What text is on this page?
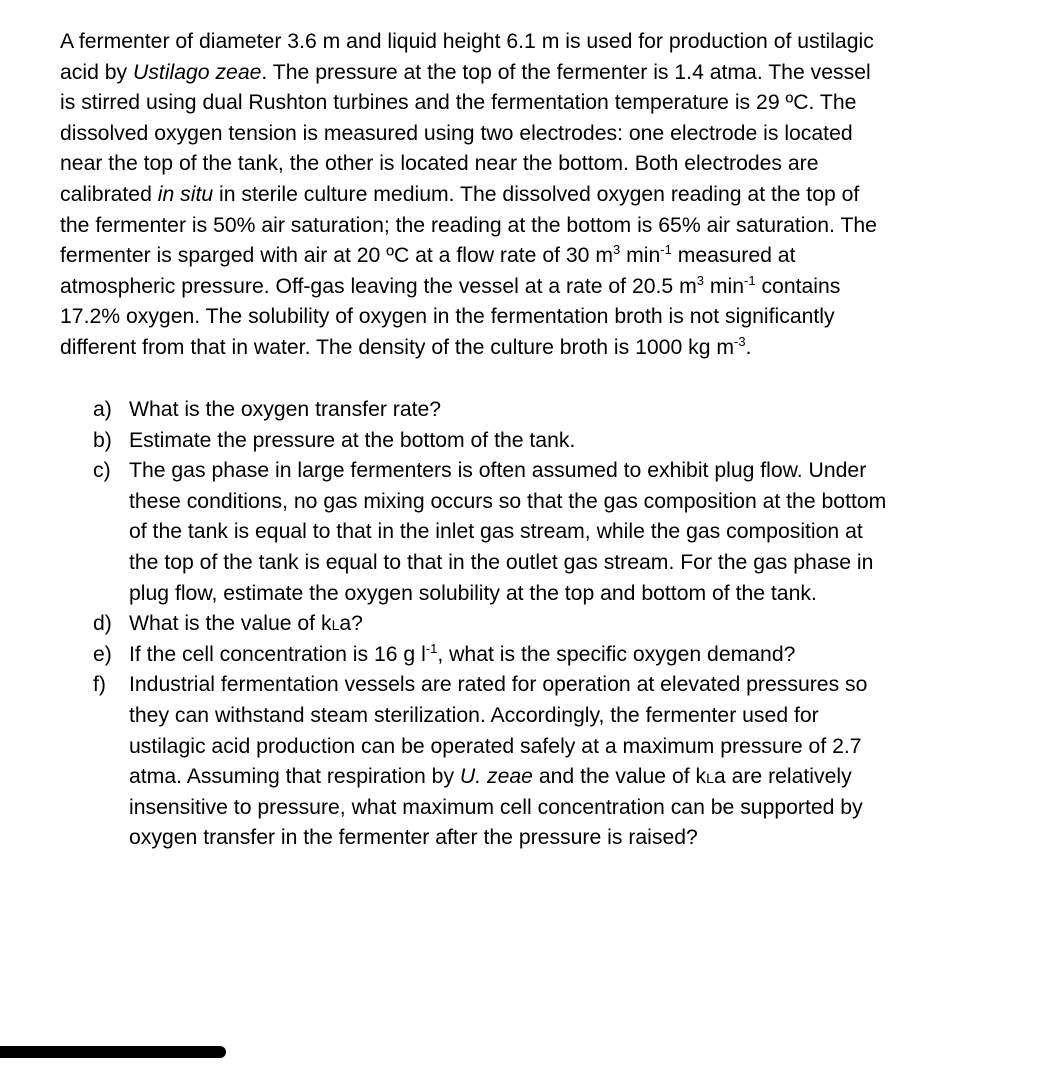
A fermenter of diameter 3.6 m and liquid height 6.1 m is used for production of ustilagic
acid by Ustilago zeae. The pressure at the top of the fermenter is 1.4 atma. The vessel
is stirred using dual Rushton turbines and the fermentation temperature is 29 ºC. The
dissolved oxygen tension is measured using two electrodes: one electrode is located
near the top of the tank, the other is located near the bottom. Both electrodes are
calibrated in situ in sterile culture medium. The dissolved oxygen reading at the top of
the fermenter is 50% air saturation; the reading at the bottom is 65% air saturation. The
fermenter is sparged with air at 20 ºC at a flow rate of 30 $m^3$ $\min^{-1}$ measured at
atmospheric pressure. Off-gas leaving the vessel at a rate of 20.5 $m^3$ $\min^{-1}$ contains
17.2% oxygen. The solubility of oxygen in the fermentation broth is not significantly
different from that in water. The density of the culture broth is 1000 kg $m^{-3}$.
a) What is the oxygen transfer rate?
b) Estimate the pressure at the bottom of the tank.
c) The gas phase in large fermenters is often assumed to exhibit plug flow. Under
these conditions, no gas mixing occurs so that the gas composition at the bottom
of the tank is equal to that in the inlet gas stream, while the gas composition at
the top of the tank is equal to that in the outlet gas stream. For the gas phase in
plug flow, estimate the oxygen solubility at the top and bottom of the tank.
d) What is the value of kLa?
e) If the cell concentration is 16 g $l^{-1}$, what is the specific oxygen demand?
f) Industrial fermentation vessels are rated for operation at elevated pressures so
they can withstand steam sterilization. Accordingly, the fermenter used for
ustilagic acid production can be operated safely at a maximum pressure of 2.7
atma. Assuming that respiration by U. zeae and the value of kLa are relatively
insensitive to pressure, what maximum cell concentration can be supported by
oxygen transfer in the fermenter after the pressure is raised?
